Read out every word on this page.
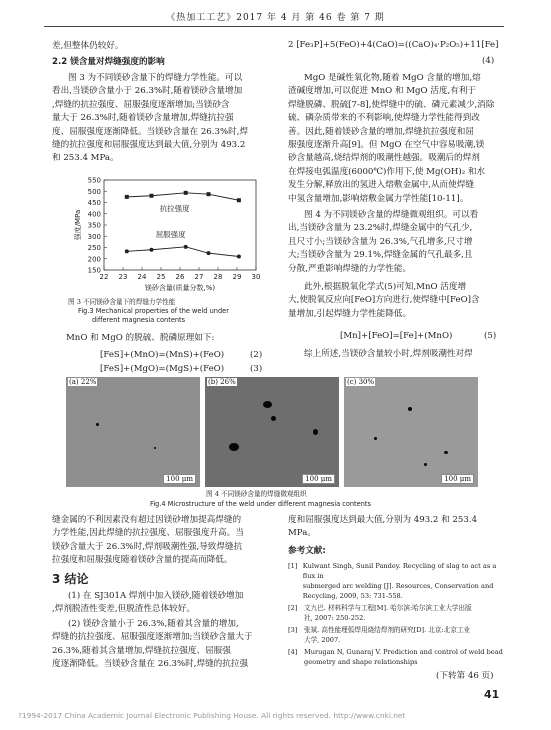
《热加工工艺》2017 年 4 月 第 46 卷 第 7 期
差,但整体仍较好。
2.2 镁含量对焊缝强度的影响
图 3 为不同镁砂含量下的焊缝力学性能。可以
看出,当镁砂含量小于 26.3%时,随着镁砂含量增加
,焊缝的抗拉强度、屈服强度逐渐增加;当镁砂含
量大于 26.3%时,随着镁砂含量增加,焊缝抗拉强
度、屈服强度逐渐降低。当镁砂含量在 26.3%时,焊
缝的抗拉强度和屈服强度达到最大值,分别为 493.2
和 253.4 MPa。
150
200
250
300
350
400
450
500
550
22 23 24 25 26 27 28 29 30
镁砂含量(质量分数,%)
强度/MPa
抗拉强度
屈服强度
图 3 不同镁砂含量下的焊缝力学性能
Fig.3 Mechanical properties of the weld under
different magnesia contents
MnO 和 MgO 的脱硫、脱磷原理如下:
[FeS]+(MnO)=(MnS)+(FeO)	(2)
[FeS]+(MgO)=(MgS)+(FeO)	(3)
2 [Fe₃P]+5(FeO)+4(CaO)=((CaO)₄·P₂O₅)+11[Fe]
(4)
MgO 是碱性氧化物,随着 MgO 含量的增加,熔
渣碱度增加,可以促进 MnO 和 MgO 活度,有利于
焊缝脱磷、脱硫[7-8],使焊缝中的硫、磷元素减少,消除
硫、磷杂质带来的不利影响,使焊缝力学性能得到改
善。因此,随着镁砂含量的增加,焊缝抗拉强度和屈
服强度逐渐升高[9]。但 MgO 在空气中容易吸潮,镁
砂含量越高,烧结焊剂的吸潮性越强。吸潮后的焊剂
在焊接电弧温度(6000℃)作用下,使 Mg(OH)₂ 和水
发生分解,释放出的氢进入熔敷金属中,从而使焊缝
中氢含量增加,影响熔敷金属力学性能[10-11]。
图 4 为不同镁砂含量的焊缝微观组织。可以看
出,当镁砂含量为 23.2%时,焊缝金属中的气孔少,
且尺寸小;当镁砂含量为 26.3%,气孔增多,尺寸增
大;当镁砂含量为 29.1%,焊缝金属的气孔最多,且
分散,严重影响焊缝的力学性能。
此外,根据脱氧化学式(5)可知,MnO 活度增
大,使脱氧反应向[FeO]方向进行,使焊缝中[FeO]含
量增加,引起焊缝力学性能降低。
[Mn]+[FeO]=[Fe]+(MnO)	(5)
综上所述,当镁砂含量较小时,焊剂吸潮性对焊
(a) 22%
100 μm
(b) 26%
100 μm
(c) 30%
100 μm
图 4 不同镁砂含量的焊缝微观组织
Fig.4 Microstructure of the weld under different magnesia contents
缝金属的不利因素没有超过因镁砂增加提高焊缝的
力学性能,因此焊缝的抗拉强度、屈服强度升高。当
镁砂含量大于 26.3%时,焊剂吸潮性强,导致焊缝抗
拉强度和屈服强度随着镁砂含量的提高而降低。
3 结论
(1) 在 SJ301A 焊剂中加入镁砂,随着镁砂增加
,焊剂脱渣性变差,但脱渣性总体较好。
(2) 镁砂含量小于 26.3%,随着其含量的增加,
焊缝的抗拉强度、屈服强度逐渐增加;当镁砂含量大于
26.3%,随着其含量增加,焊缝抗拉强度、屈服强
度逐渐降低。当镁砂含量在 26.3%时,焊缝的抗拉强
度和屈服强度达到最大值,分别为 493.2 和 253.4
MPa。
参考文献:
[1] Kulwant Singh, Sunil Pandey. Recycling of slag to act as a flux in
submerged arc welding [J]. Resources, Conservation and
Recycling, 2009, 53: 731-558.
[2]	文九巴. 材料科学与工程[M]. 哈尔滨:哈尔滨工业大学出版
社, 2007: 250-252.
[3]	张斌. 高性能埋弧焊用烧结焊剂的研究[D]. 北京:北京工业
大学, 2007.
[4]	Murugan N, Gunaraj V. Prediction and control of weld bead
geometry and shape relationships
(下转第 46 页)
41
?1994-2017 China Academic Journal Electronic Publishing House. All rights reserved. http://www.cnki.net
